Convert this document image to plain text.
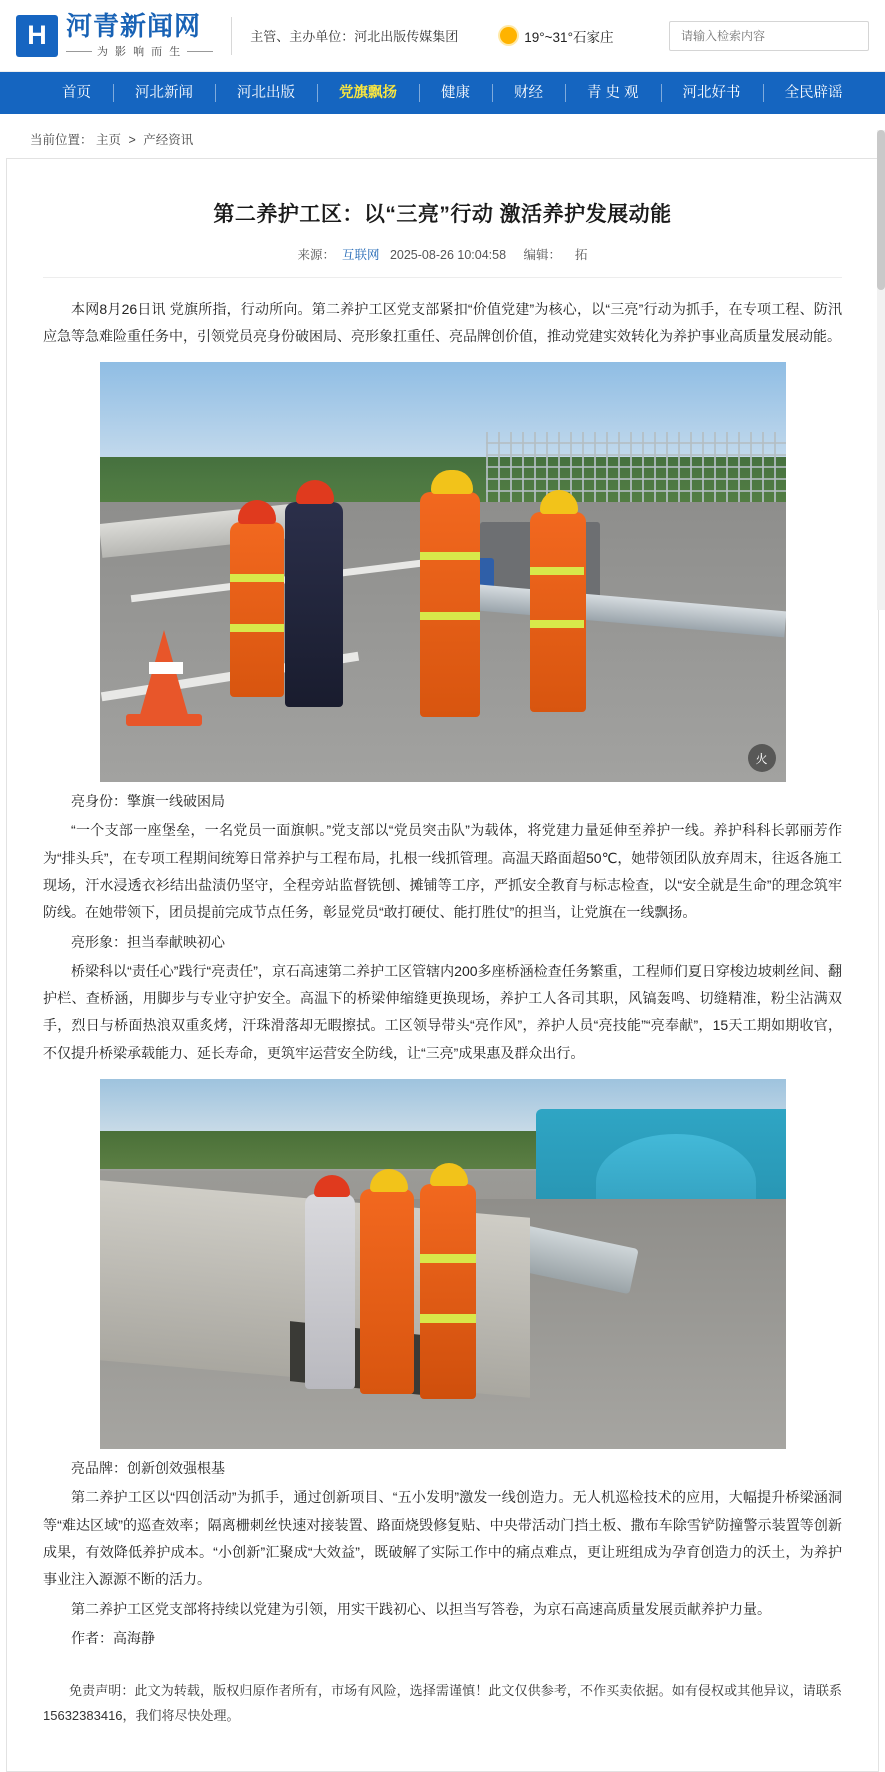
H 河青新闻网
为 影 响 而 生
主管、主办单位：河北出版传媒集团	19°~31°石家庄
请输入检索内容
首页	河北新闻	河北出版	党旗飘扬	健康	财经	青 史 观	河北好书	全民辟谣
当前位置： 主页 > 产经资讯
第二养护工区：以“三亮”行动 激活养护发展动能
来源： 互联网 2025-08-26 10:04:58 编辑： 拓

本网8月26日讯 党旗所指，行动所向。第二养护工区党支部紧扣“价值党建”为核心，以“三亮”行动为抓手，在专项工程、防汛应急等急难险重任务中，引领党员亮身份破困局、亮形象扛重任、亮品牌创价值，推动党建实效转化为养护事业高质量发展动能。

火

亮身份：擎旗一线破困局

“一个支部一座堡垒，一名党员一面旗帜。”党支部以“党员突击队”为载体，将党建力量延伸至养护一线。养护科科长郭丽芳作为“排头兵”，在专项工程期间统筹日常养护与工程布局，扎根一线抓管理。高温天路面超50℃，她带领团队放弃周末，往返各施工现场，汗水浸透衣衫结出盐渍仍坚守，全程旁站监督铣刨、摊铺等工序，严抓安全教育与标志检查，以“安全就是生命”的理念筑牢防线。在她带领下，团员提前完成节点任务，彰显党员“敢打硬仗、能打胜仗”的担当，让党旗在一线飘扬。

亮形象：担当奉献映初心

桥梁科以“责任心”践行“亮责任”，京石高速第二养护工区管辖内200多座桥涵检查任务繁重，工程师们夏日穿梭边坡刺丝间、翻护栏、查桥涵，用脚步与专业守护安全。高温下的桥梁伸缩缝更换现场，养护工人各司其职，风镐轰鸣、切缝精准，粉尘沾满双手，烈日与桥面热浪双重炙烤，汗珠滑落却无暇擦拭。工区领导带头“亮作风”，养护人员“亮技能”“亮奉献”，15天工期如期收官，不仅提升桥梁承载能力、延长寿命，更筑牢运营安全防线，让“三亮”成果惠及群众出行。

亮品牌：创新创效强根基

第二养护工区以“四创活动”为抓手，通过创新项目、“五小发明”激发一线创造力。无人机巡检技术的应用，大幅提升桥梁涵洞等“难达区域”的巡查效率；隔离栅刺丝快速对接装置、路面烧毁修复贴、中央带活动门挡土板、撒布车除雪铲防撞警示装置等创新成果，有效降低养护成本。“小创新”汇聚成“大效益”，既破解了实际工作中的痛点难点，更让班组成为孕育创造力的沃土，为养护事业注入源源不断的活力。

第二养护工区党支部将持续以党建为引领，用实干践初心、以担当写答卷，为京石高速高质量发展贡献养护力量。

作者：高海静

免责声明：此文为转载，版权归原作者所有，市场有风险，选择需谨慎！此文仅供参考，不作买卖依据。如有侵权或其他异议，请联系15632383416，我们将尽快处理。
